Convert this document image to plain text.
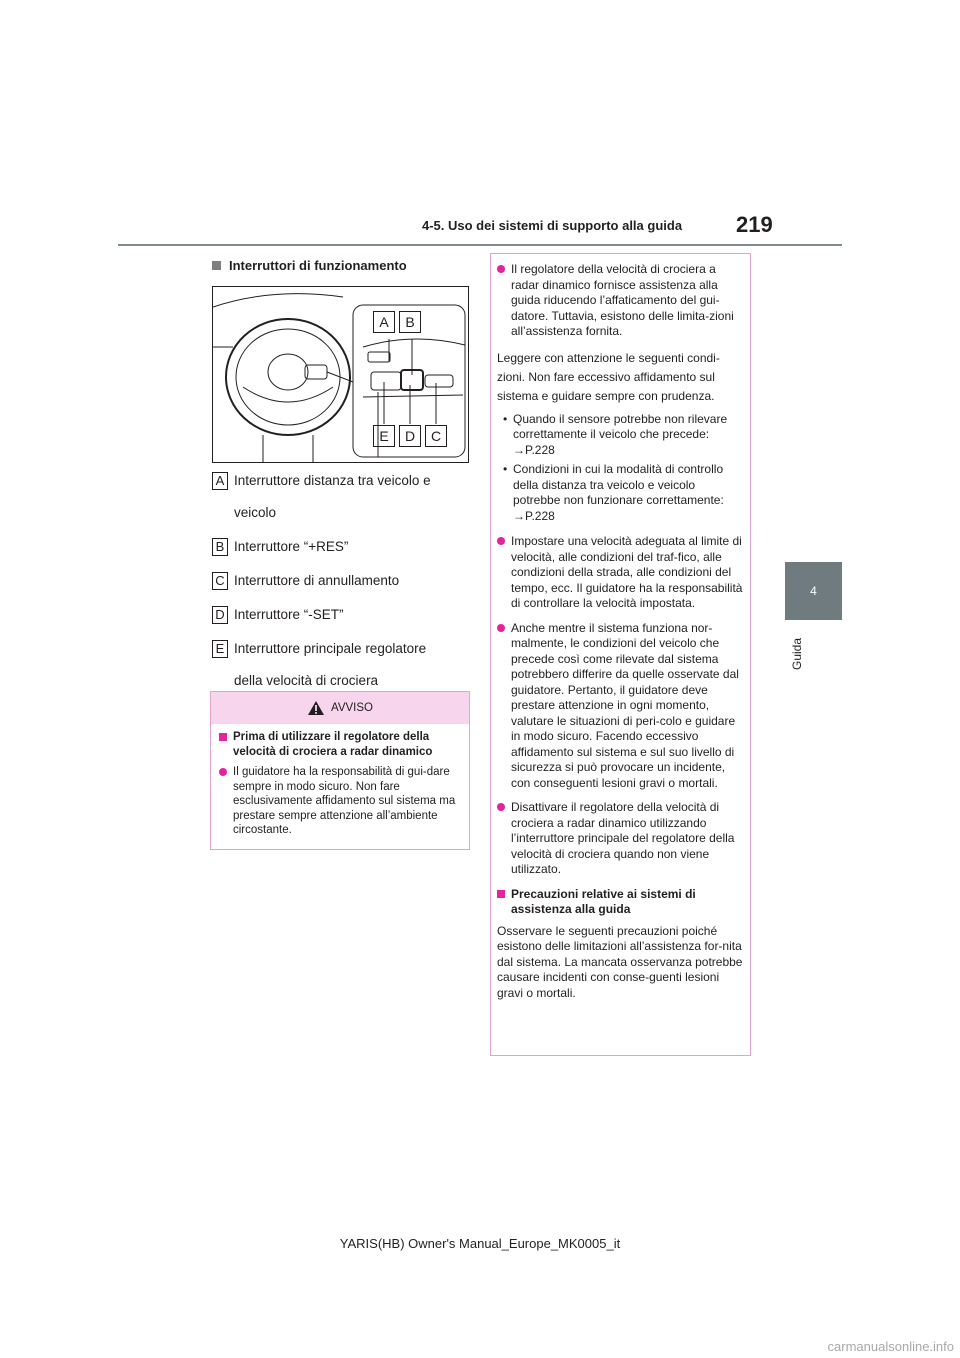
4-5. Uso dei sistemi di supporto alla guida 219
4
Guida
Interruttori di funzionamento
A	B
E	D	C
A Interruttore distanza tra veicolo e
veicolo
B Interruttore “+RES”
C Interruttore di annullamento
D Interruttore “-SET”
E Interruttore principale regolatore
della velocità di crociera
AVVISO
Prima di utilizzare il regolatore della velocità di crociera a radar dinamico
Il guidatore ha la responsabilità di gui-dare sempre in modo sicuro. Non fare esclusivamente affidamento sul sistema ma prestare sempre attenzione all’ambiente circostante.
Il regolatore della velocità di crociera a radar dinamico fornisce assistenza alla guida riducendo l’affaticamento del gui-datore. Tuttavia, esistono delle limita-zioni all’assistenza fornita.
Leggere con attenzione le seguenti condi-zioni. Non fare eccessivo affidamento sul sistema e guidare sempre con prudenza.
• Quando il sensore potrebbe non rilevare correttamente il veicolo che precede: →P.228
• Condizioni in cui la modalità di controllo della distanza tra veicolo e veicolo potrebbe non funzionare correttamente: →P.228
Impostare una velocità adeguata al limite di velocità, alle condizioni del traf-fico, alle condizioni della strada, alle condizioni del tempo, ecc. Il guidatore ha la responsabilità di controllare la velocità impostata.
Anche mentre il sistema funziona nor-malmente, le condizioni del veicolo che precede così come rilevate dal sistema potrebbero differire da quelle osservate dal guidatore. Pertanto, il guidatore deve prestare attenzione in ogni momento, valutare le situazioni di peri-colo e guidare in modo sicuro. Facendo eccessivo affidamento sul sistema e sul suo livello di sicurezza si può provocare un incidente, con conseguenti lesioni gravi o mortali.
Disattivare il regolatore della velocità di crociera a radar dinamico utilizzando l’interruttore principale del regolatore della velocità di crociera quando non viene utilizzato.
Precauzioni relative ai sistemi di assistenza alla guida
Osservare le seguenti precauzioni poiché esistono delle limitazioni all’assistenza for-nita dal sistema. La mancata osservanza potrebbe causare incidenti con conse-guenti lesioni gravi o mortali.
YARIS(HB) Owner's Manual_Europe_MK0005_it
carmanualsonline.info
